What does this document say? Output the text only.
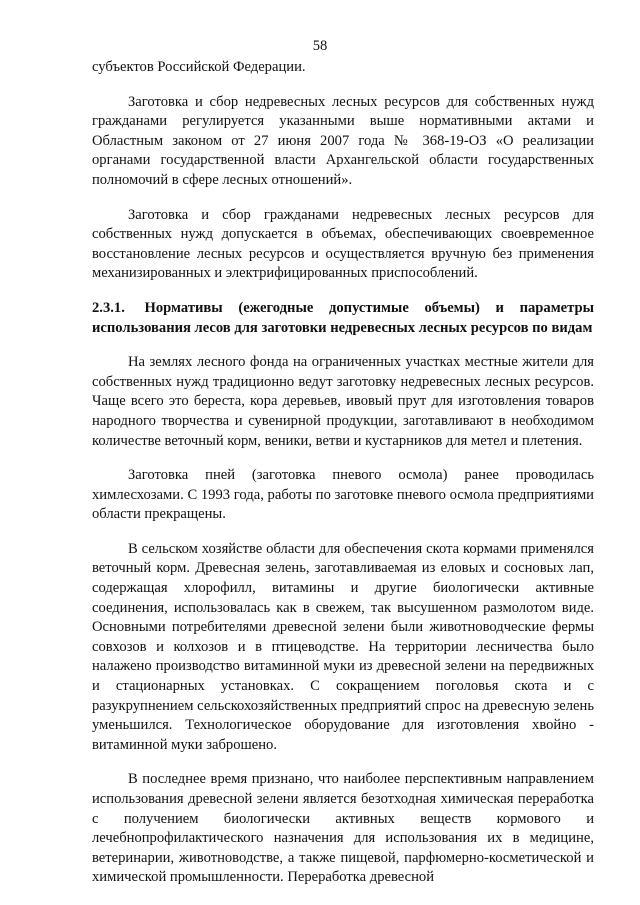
58

субъектов Российской Федерации.

Заготовка и сбор недревесных лесных ресурсов для собственных нужд гражданами регулируется указанными выше нормативными актами и Областным законом от 27 июня 2007 года № 368-19-ОЗ «О реализации органами государственной власти Архангельской области государственных полномочий в сфере лесных отношений».

Заготовка и сбор гражданами недревесных лесных ресурсов для собственных нужд допускается в объемах, обеспечивающих своевременное восстановление лесных ресурсов и осуществляется вручную без применения механизированных и электрифицированных приспособлений.

2.3.1. Нормативы (ежегодные допустимые объемы) и параметры использования лесов для заготовки недревесных лесных ресурсов по видам

На землях лесного фонда на ограниченных участках местные жители для собственных нужд традиционно ведут заготовку недревесных лесных ресурсов. Чаще всего это береста, кора деревьев, ивовый прут для изготовления товаров народного творчества и сувенирной продукции, заготавливают в необходимом количестве веточный корм, веники, ветви и кустарников для метел и плетения.

Заготовка пней (заготовка пневого осмола) ранее проводилась химлесхозами. С 1993 года, работы по заготовке пневого осмола предприятиями области прекращены.

В сельском хозяйстве области для обеспечения скота кормами применялся веточный корм. Древесная зелень, заготавливаемая из еловых и сосновых лап, содержащая хлорофилл, витамины и другие биологически активные соединения, использовалась как в свежем, так высушенном размолотом виде. Основными потребителями древесной зелени были животноводческие фермы совхозов и колхозов и в птицеводстве. На территории лесничества было налажено производство витаминной муки из древесной зелени на передвижных и стационарных установках. С сокращением поголовья скота и с разукрупнением сельскохозяйственных предприятий спрос на древесную зелень уменьшился. Технологическое оборудование для изготовления хвойно - витаминной муки заброшено.

В последнее время признано, что наиболее перспективным направлением использования древесной зелени является безотходная химическая переработка с получением биологически активных веществ кормового и лечебнопрофилактического назначения для использования их в медицине, ветеринарии, животноводстве, а также пищевой, парфюмерно-косметической и химической промышленности. Переработка древесной
